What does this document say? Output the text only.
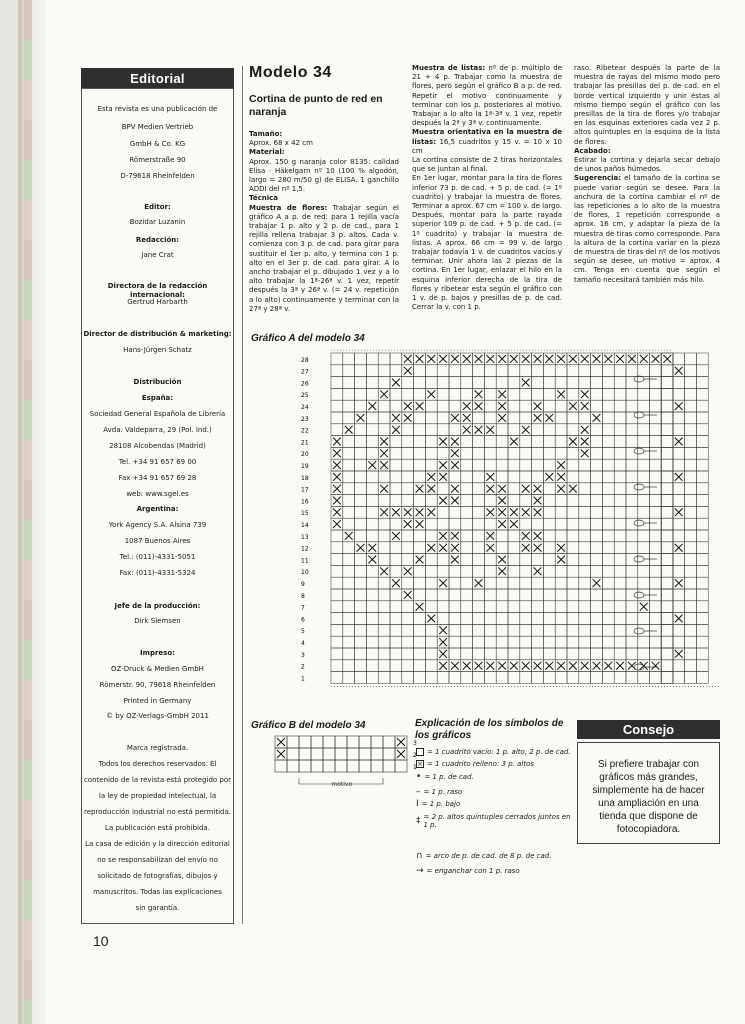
Editorial
Esta revista es una publicación de
BPV Medien Vertrieb
GmbH & Co. KG
Römerstraße 90
D-79618 Rheinfelden
Editor:
Bozidar Luzanin
Redacción:
Jane Crat
Directora de la redacción internacional:
Gertrud Harbarth
Director de distribución & marketing:
Hans-Jürgen Schatz
Distribución
España:
Sociedad General Española de Librería
Avda. Valdeparra, 29 (Pol. Ind.)
28108 Alcobendas (Madrid)
Tel. +34 91 657 69 00
Fax +34 91 657 69 28
web: www.sgel.es
Argentina:
York Agency S.A. Alsina 739
1087 Buenos Aires
Tel.: (011)-4331-5051
Fax: (011)-4331-5324
Jefe de la producción:
Dirk Siemsen
Impreso:
OZ-Druck & Medien GmbH
Römerstr. 90, 79618 Rheinfelden
Printed in Germany
© by OZ-Verlags-GmbH 2011
Marca registrada.
Todos los derechos reservados. El
contenido de la revista está protegido por
la ley de propiedad intelectual, la
reproducción industrial no está permitida.
La publicación está prohibida.
La casa de edición y la dirección editorial
no se responsabilizan del envío no
solicitado de fotografías, dibujos y
manuscritos. Todas las explicaciones
sin garantía.
Modelo 34
Cortina de punto de red en naranja
Tamaño:
Aprox. 68 x 42 cm
Material:
Aprox. 150 g naranja color 8135: calidad Elisa · Häkelgarn nº 10 (100 % algodón, largo = 280 m/50 g) de ELISA. 1 ganchillo ADDI del nº 1,5.
Técnica
Muestra de flores: Trabajar según el gráfico A a p. de red: para 1 rejilla vacía trabajar 1 p. alto y 2 p. de cad., para 1 rejilla rellena trabajar 3 p. altos. Cada v. comienza con 3 p. de cad. para girar para sustituir el 1er p. alto, y termina con 1 p. alto en el 3er p. de cad. para girar. A lo ancho trabajar el p. dibujado 1 vez y a lo alto trabajar la 1ª-26ª v. 1 vez, repetir después la 3ª y 26ª v. (= 24 v. repetición a lo alto) continuamente y terminar con la 27ª y 28ª v.
Muestra de listas: nº de p. múltiplo de 21 + 4 p. Trabajar como la muestra de flores, pero según el gráfico B a p. de red. Repetir el motivo continuamente y terminar con los p. posteriores al motivo. Trabajar a lo alto la 1ª-3ª v. 1 vez, repetir después la 2ª y 3ª v. continuamente.
Muestra orientativa en la muestra de listas: 16,5 cuadritos y 15 v. = 10 x 10 cm
La cortina consiste de 2 tiras horizontales que se juntan al final.
En 1er lugar, montar para la tira de flores inferior 73 p. de cad. + 5 p. de cad. (= 1º cuadrito) y trabajar la muestra de flores. Terminar a aprox. 67 cm = 100 v. de largo. Después, montar para la parte rayada superior 109 p. de cad. + 5 p. de cad. (= 1º cuadrito) y trabajar la muestra de listas. A aprox. 66 cm = 99 v. de largo trabajar todavía 1 v. de cuadritos vacíos y terminar. Unir ahora las 2 piezas de la cortina. En 1er lugar, enlazar el hilo en la esquina inferior derecha de la tira de flores y ribetear esta según el gráfico con 1 v. de p. bajos y presillas de p. de cad. Cerrar la v. con 1 p.
raso. Ribetear después la parte de la muestra de rayas del mismo modo pero trabajar las presillas del p. de cad. en el borde vertical izquierdo y unir éstas al mismo tiempo según el gráfico con las presillas de la tira de flores y/o trabajar en las esquinas exteriores cada vez 2 p. altos quíntuples en la esquina de la lista de flores.
Acabado:
Estirar la cortina y dejarla secar debajo de unos paños húmedos.
Sugerencia: el tamaño de la cortina se puede variar según se desee. Para la anchura de la cortina cambiar el nº de las repeticiones a lo alto de la muestra de flores, 1 repetición corresponde a aprox. 16 cm, y adaptar la pieza de la muestra de tiras como corresponde. Para la altura de la cortina variar en la pieza de muestra de tiras del nº de los motivos según se desee, un motivo = aprox. 4 cm. Tenga en cuenta que según el tamaño necesitará también más hilo.
Gráfico A del modelo 34
28
27
26
25
24
23
22
21
20
19
18
17
16
15
14
13
12
11
10
9
8
7
6
5
4
3
2
1
Gráfico B del modelo 34
3
2
1
motivo
Explicación de los símbolos de los gráficos
= 1 cuadrito vacío: 1 p. alto, 2 p. de cad.
× = 1 cuadrito relleno: 3 p. altos
• = 1 p. de cad.
– = 1 p. raso
I = 1 p. bajo
‡ = 2 p. altos quíntuples cerrados juntos en 1 p.
∩ = arco de p. de cad. de 8 p. de cad.
→ = enganchar con 1 p. raso
Consejo
Si prefiere trabajar con gráficos más grandes, simplemente ha de hacer una ampliación en una tienda que dispone de fotocopiadora.
10
